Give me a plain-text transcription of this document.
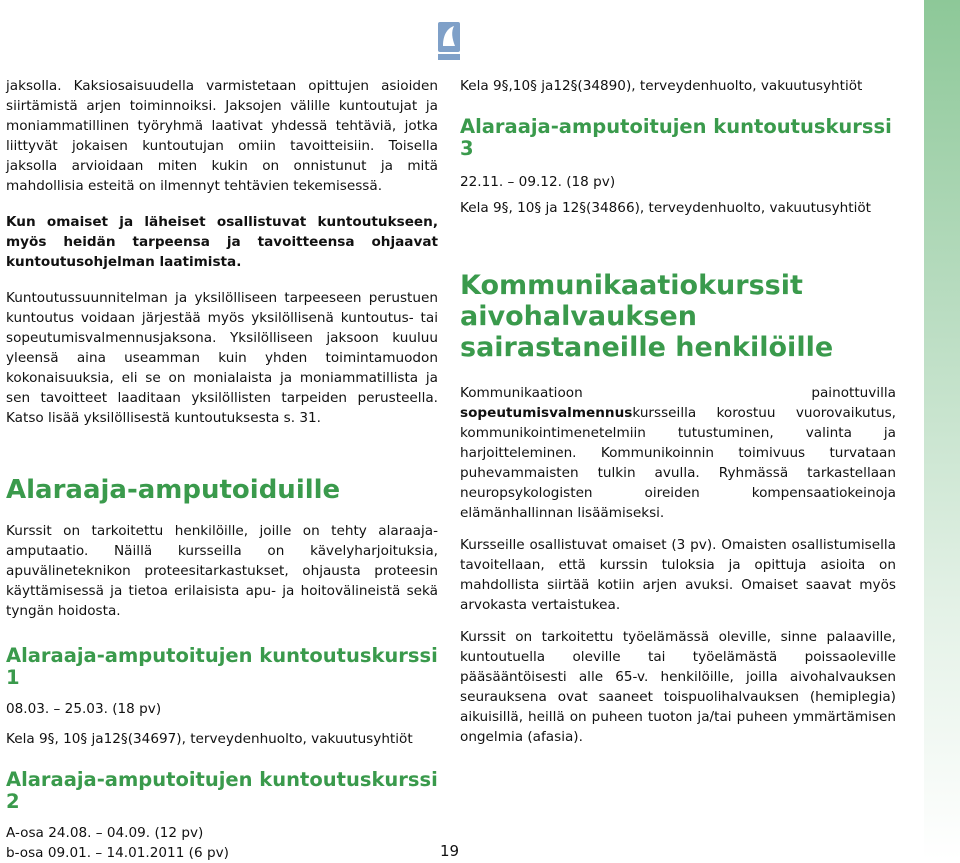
jaksolla. Kaksiosaisuudella varmistetaan opittujen asioiden siirtämistä arjen toiminnoiksi. Jaksojen välille kuntoutujat ja moniammatillinen työryhmä laativat yhdessä tehtäviä, jotka liittyvät jokaisen kuntoutujan omiin tavoitteisiin. Toisella jaksolla arvioidaan miten kukin on onnistunut ja mitä mahdollisia esteitä on ilmennyt tehtävien tekemisessä.

Kun omaiset ja läheiset osallistuvat kuntoutukseen, myös heidän tarpeensa ja tavoitteensa ohjaavat kuntoutusohjelman laatimista.

Kuntoutussuunnitelman ja yksilölliseen tarpeeseen perustuen kuntoutus voidaan järjestää myös yksilöllisenä kuntoutus- tai sopeutumisvalmennusjaksona. Yksilölliseen jaksoon kuuluu yleensä aina useamman kuin yhden toimintamuodon kokonaisuuksia, eli se on monialaista ja moniammatillista ja sen tavoitteet laaditaan yksilöllisten tarpeiden perusteella. Katso lisää yksilöllisestä kuntoutuksesta s. 31.

Alaraaja-amputoiduille

Kurssit on tarkoitettu henkilöille, joille on tehty alaraaja-amputaatio. Näillä kursseilla on kävelyharjoituksia, apuvälineteknikon proteesitarkastukset, ohjausta proteesin käyttämisessä ja tietoa erilaisista apu- ja hoitovälineistä sekä tyngän hoidosta.

Alaraaja-amputoitujen kuntoutuskurssi 1

08.03. – 25.03. (18 pv)

Kela 9§, 10§ ja12§(34697), terveydenhuolto, vakuutusyhtiöt

Alaraaja-amputoitujen kuntoutuskurssi 2

A-osa 24.08. – 04.09. (12 pv)

b-osa 09.01. – 14.01.2011 (6 pv)

Kela 9§,10§ ja12§(34890), terveydenhuolto, vakuutusyhtiöt

Alaraaja-amputoitujen kuntoutuskurssi 3

22.11. – 09.12. (18 pv)

Kela 9§, 10§ ja 12§(34866), terveydenhuolto, vakuutusyhtiöt

Kommunikaatiokurssit aivohalvauksen sairastaneille henkilöille

Kommunikaatioon painottuvilla sopeutumisvalmennuskursseilla korostuu vuorovaikutus, kommunikointimenetelmiin tutustuminen, valinta ja harjoitteleminen. Kommunikoinnin toimivuus turvataan puhevammaisten tulkin avulla. Ryhmässä tarkastellaan neuropsykologisten oireiden kompensaatiokeinoja elämänhallinnan lisäämiseksi.

Kursseille osallistuvat omaiset (3 pv). Omaisten osallistumisella tavoitellaan, että kurssin tuloksia ja opittuja asioita on mahdollista siirtää kotiin arjen avuksi. Omaiset saavat myös arvokasta vertaistukea.

Kurssit on tarkoitettu työelämässä oleville, sinne palaaville, kuntoutuella oleville tai työelämästä poissaoleville pääsääntöisesti alle 65-v. henkilöille, joilla aivohalvauksen seurauksena ovat saaneet toispuolihalvauksen (hemiplegia) aikuisillä, heillä on puheen tuoton ja/tai puheen ymmärtämisen ongelmia (afasia).

19
